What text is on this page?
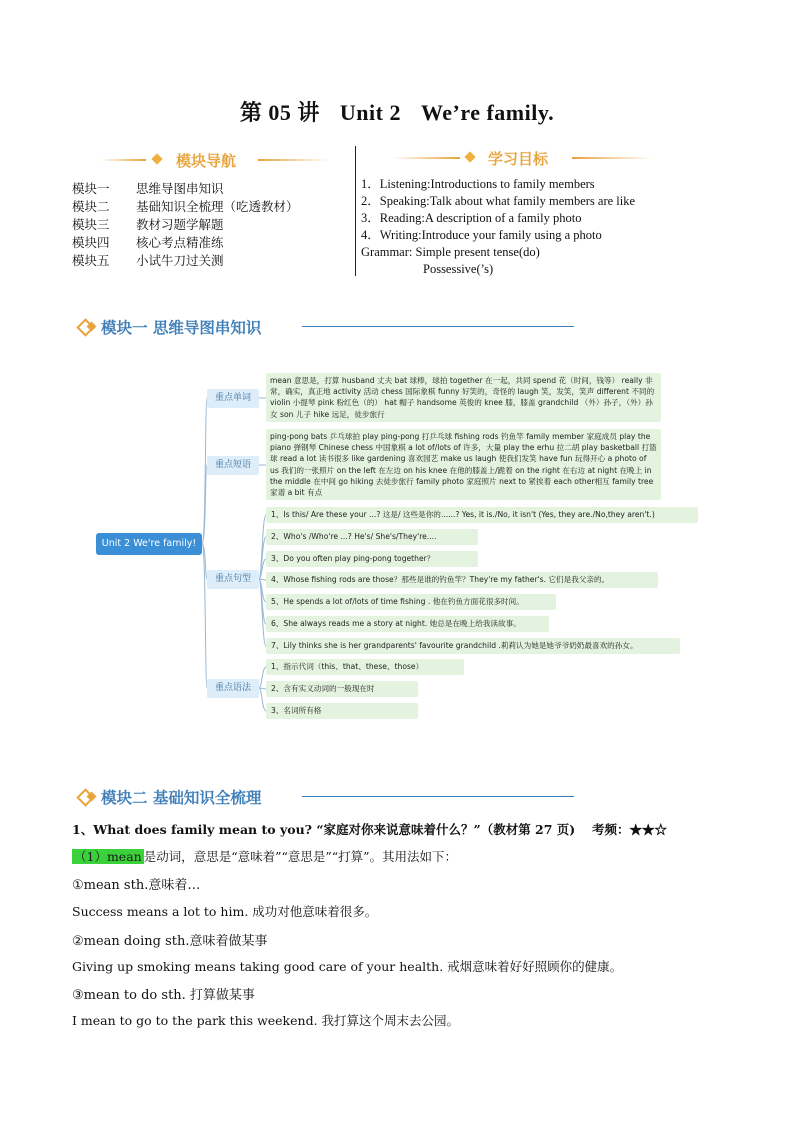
第 05 讲 Unit 2 We’re family.
模块导航	学习目标
模块一	思维导图串知识
模块二	基础知识全梳理（吃透教材）
模块三	教材习题学解题
模块四	核心考点精准练
模块五	小试牛刀过关测
1．Listening:Introductions to family members
2．Speaking:Talk about what family members are like
3．Reading:A description of a family photo
4．Writing:Introduce your family using a photo
Grammar: Simple present tense(do)
Possessive(’s)
模块一 思维导图串知识
Unit 2 We're family!
重点单词
重点短语
重点句型
重点语法
mean 意思是，打算 husband 丈夫 bat 球棒，球拍 together 在一起，共同 spend 花（时间，钱等） really 非常，确实，真正地 activity 活动 chess 国际象棋 funny 好笑的，奇怪的 laugh 笑，发笑，笑声 different 不同的 violin 小提琴 pink 粉红色（的） hat 帽子 handsome 英俊的 knee 膝，膝盖 grandchild （外）孙子，（外）孙女 son 儿子 hike 远足，徒步旅行
ping-pong bats 乒乓球拍 play ping-pong 打乒乓球 fishing rods 钓鱼竿 family member 家庭成员 play the piano 弹钢琴 Chinese chess 中国象棋 a lot of/lots of 许多，大量 play the erhu 拉二胡 play basketball 打篮球 read a lot 读书很多 like gardening 喜欢园艺 make us laugh 使我们发笑 have fun 玩得开心 a photo of us 我们的一张照片 on the left 在左边 on his knee 在他的膝盖上/跪着 on the right 在右边 at night 在晚上 in the middle 在中间 go hiking 去徒步旅行 family photo 家庭照片 next to 紧挨着 each other相互 family tree 家谱 a bit 有点
1、Is this/ Are these your ...? 这是/ 这些是你的......? Yes, it is./No, it isn't (Yes, they are./No,they aren't.)
2、Who's /Who're ...? He's/ She's/They're....
3、Do you often play ping-pong together？
4、Whose fishing rods are those？那些是谁的钓鱼竿？They're my father's. 它们是我父亲的。
5、He spends a lot of/lots of time fishing . 他在钓鱼方面花很多时间。
6、She always reads me a story at night. 她总是在晚上给我读故事。
7、Lily thinks she is her grandparents' favourite grandchild .莉莉认为她是她爷爷奶奶最喜欢的孙女。
1、指示代词（this、that、these、those）
2、含有实义动词的一般现在时
3、名词所有格
模块二 基础知识全梳理
1、What does family mean to you? “家庭对你来说意味着什么？”（教材第 27 页) 考频：★★☆
（1）mean 是动词，意思是“意味着”“意思是”“打算”。其用法如下：
①mean sth.意味着…
Success means a lot to him. 成功对他意味着很多。
②mean doing sth.意味着做某事
Giving up smoking means taking good care of your health. 戒烟意味着好好照顾你的健康。
③mean to do sth. 打算做某事
I mean to go to the park this weekend. 我打算这个周末去公园。
